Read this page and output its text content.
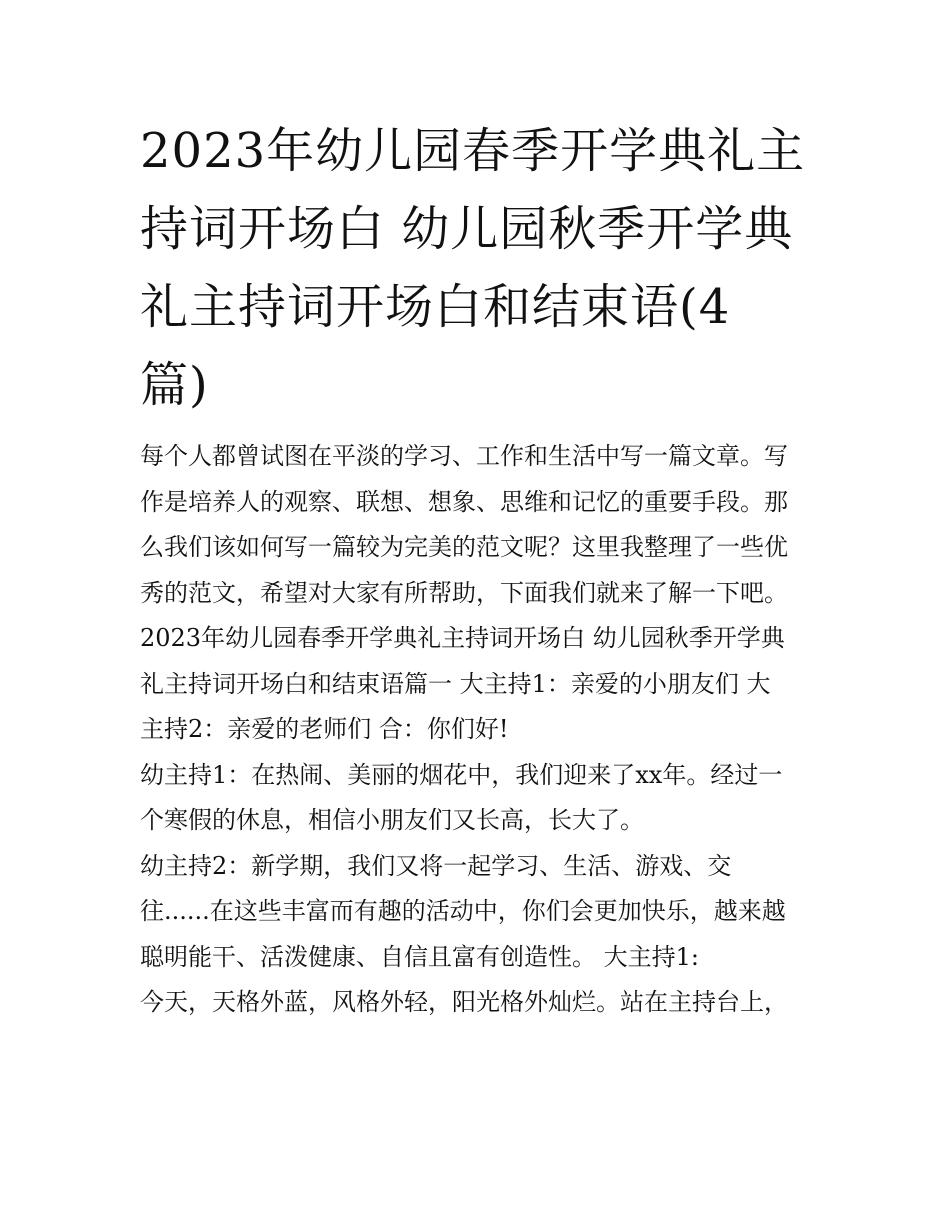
2023年幼儿园春季开学典礼主
持词开场白 幼儿园秋季开学典
礼主持词开场白和结束语(4
篇)
每个人都曾试图在平淡的学习、工作和生活中写一篇文章。写
作是培养人的观察、联想、想象、思维和记忆的重要手段。那
么我们该如何写一篇较为完美的范文呢？这里我整理了一些优
秀的范文，希望对大家有所帮助，下面我们就来了解一下吧。
2023年幼儿园春季开学典礼主持词开场白 幼儿园秋季开学典
礼主持词开场白和结束语篇一 大主持1：亲爱的小朋友们 大
主持2：亲爱的老师们 合：你们好!
幼主持1：在热闹、美丽的烟花中，我们迎来了xx年。经过一
个寒假的休息，相信小朋友们又长高，长大了。
幼主持2：新学期，我们又将一起学习、生活、游戏、交
往......在这些丰富而有趣的活动中，你们会更加快乐，越来越
聪明能干、活泼健康、自信且富有创造性。 大主持1:
今天，天格外蓝，风格外轻，阳光格外灿烂。站在主持台上，
